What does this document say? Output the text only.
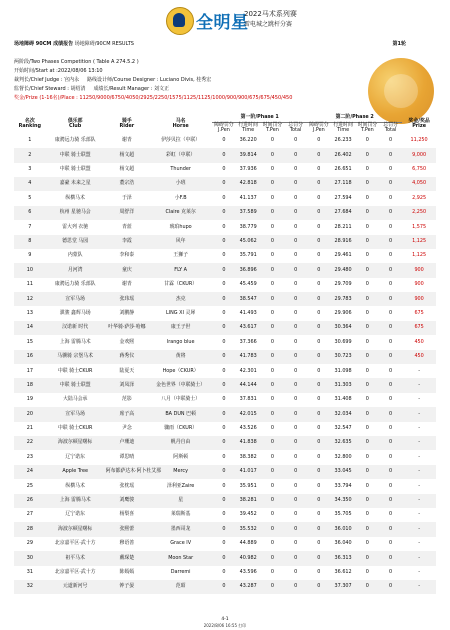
全明星
2022马术系列赛
雷电城之跳杆分赛
场地障碍 90CM 成绩报告 场地障碍/90CM RESULTS	第1轮
两阶段/Two Phases Competition ( Table A 274.5.2 )
开始时间/Start at :2022/08/06 13:10
裁判长/Chief Judge : 宫内永 路线设计师/Course Designer : Luciano Divis, 桂秀宏
监督长/Chief Steward : 胡绍清 成绩长/Result Manager : 刘文正
奖金/Prize (1-16名)/Place : 11250/9000/6750/4050/2925/2250/1575/1125/1125/1000/900/900/675/675/450/450
名次
Ranking	俱乐部
Club	骑手
Rider	马名
Horse	第一阶/Phase 1				第二阶/Phase 2				奖金/奖品
Prize
				障碍罚分
J.Pen	行进时间
Time	时间罚分
T.Pen	总罚分
Total	障碍罚分
J.Pen	行进时间
Time	时间罚分
T.Pen	总罚分
Total	
1	康骋远力骑 乐部队	谢青	伊莎贝拉（中联）	0	36.220	0	0	0	26.233	0	0	11,250
2	中联 骑士联盟	杨文超	彩虹（中联）	0	39.814	0	0	0	26.402	0	0	9,000
3	中联 骑士联盟	杨文超	Thunder	0	37.936	0	0	0	26.651	0	0	6,750
4	嘉豪 未来之星	董宗浩	小班	0	42.818	0	0	0	27.118	0	0	4,050
5	纵横马术	于泽	小F.B	0	41.137	0	0	0	27.594	0	0	2,925
6	杭州 星驰马会	周舒洋	Claire 克莱尔	0	37.589	0	0	0	27.684	0	0	2,250
7	雷大列 衣驰	青蓝	琥珀hupo	0	38.779	0	0	0	28.211	0	0	1,575
8	德思堂 马园	李霞	风年	0	45.062	0	0	0	28.916	0	0	1,125
9	内蒙队	李和泰	王狮子	0	35.791	0	0	0	29.461	0	0	1,125
10	月河湾	童庆	FLY A	0	36.896	0	0	0	29.480	0	0	900
11	康骋远力骑 乐部队	谢青	甘霖（CKUR）	0	45.459	0	0	0	29.709	0	0	900
12	宣军马场	张玮瑶	杰克	0	38.547	0	0	0	29.783	0	0	900
13	骐骏 鑫辉马场	刘鹏静	LING XI 灵犀	0	41.493	0	0	0	29.906	0	0	675
14	汉诺新 时代	叶华骑·萨莎·哈娜	康王子世	0	43.617	0	0	0	30.364	0	0	675
15	上海 雷腾马术	金欢熙	Irango blue	0	37.366	0	0	0	30.699	0	0	450
16	马骥骑 宗堡马术	蒋秀仪	黄将	0	41.783	0	0	0	30.723	0	0	450
17	中联 骑士CKUR	陆夏天	Hope（CKUR）	0	42.301	0	0	0	31.098	0	0	-
18	中联 骑士联盟	刘凤泽	金色世界（中联骑士）	0	44.144	0	0	0	31.303	0	0	-
19	大陆马会承	范影	八月（中联骑士）	0	37.831	0	0	0	31.408	0	0	-
20	宣军马场	席子高	BA DUN 巴顿	0	42.015	0	0	0	32.034	0	0	-
21	中联 骑士CKUR	尹念	骤雨（CKUR）	0	43.526	0	0	0	32.547	0	0	-
22	海波尔顿星曙标	卢珊迪	帆丹自由	0	41.838	0	0	0	32.635	0	0	-
23	辽宁诺东	谭思晴	阿斯顿	0	38.382	0	0	0	32.800	0	0	-
24	Apple Tree	阿布都萨达木·阿卜杜艾那	Mercy	0	41.017	0	0	0	33.045	0	0	-
25	纵横马术	张枕瑶	泽利亚Zaire	0	35.951	0	0	0	33.794	0	0	-
26	上海 雷腾马术	刘鹰骏	星	0	38.281	0	0	0	34.350	0	0	-
27	辽宁诺东	杨梨喜	莱瑞斯基	0	39.452	0	0	0	35.705	0	0	-
28	海波尔顿星曙标	张熙蕾	墨西哥龙	0	35.532	0	0	0	36.010	0	0	-
29	北京嘉平区·武十方	穆语善	Grace IV	0	44.889	0	0	0	36.040	0	0	-
30	祖平马术	戴琛楚	Moon Star	0	40.982	0	0	0	36.313	0	0	-
31	北京嘉平区·武十方	陈嫣嫣	Darremi	0	43.596	0	0	0	36.612	0	0	-
32	元道新河号	钟子晏	范昭	0	43.287	0	0	0	37.307	0	0	-
4-1
2022/8/06 16:55 打印
